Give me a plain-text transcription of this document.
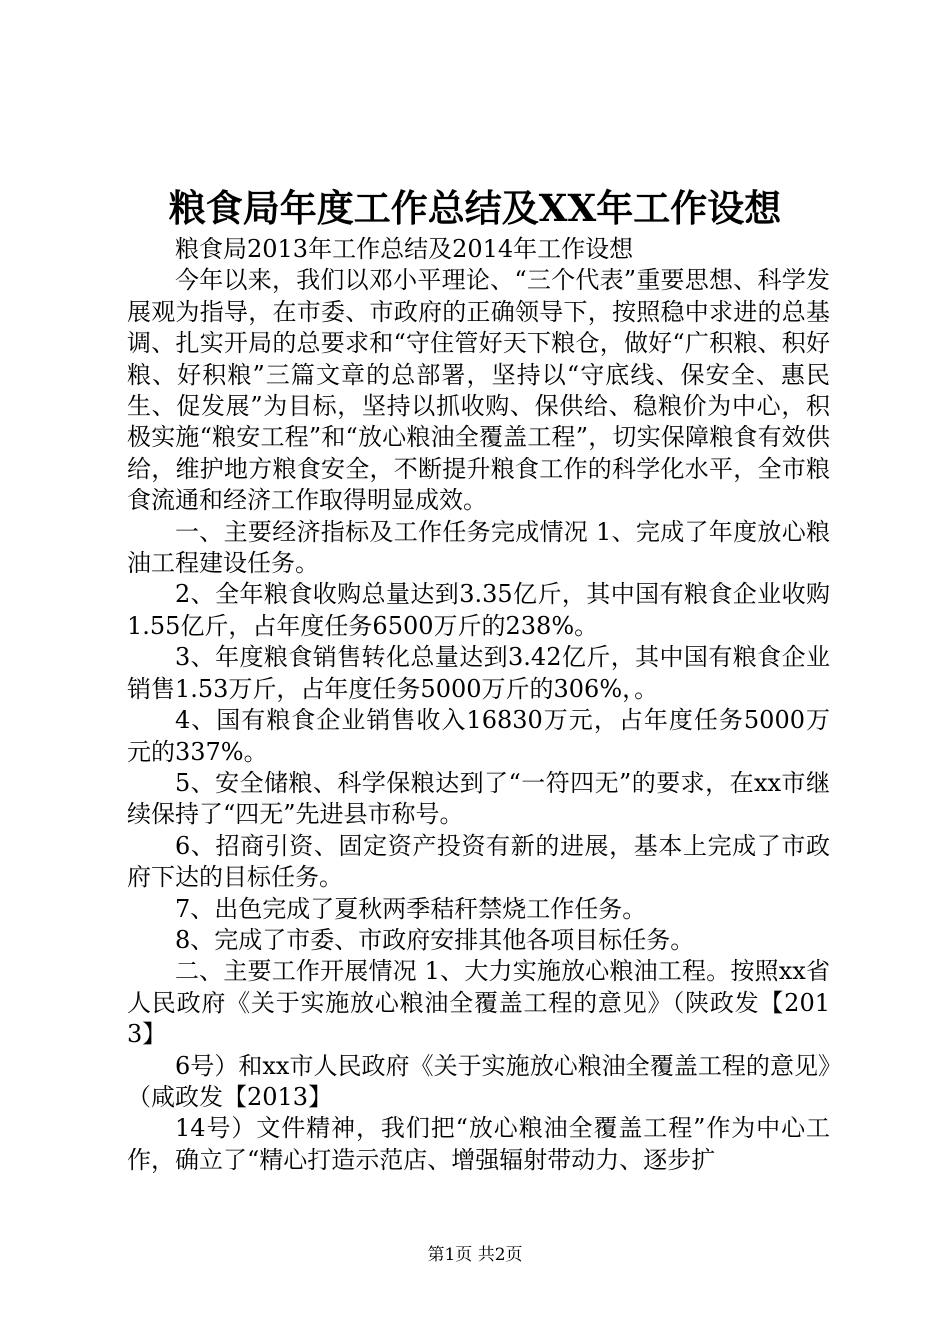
粮食局年度工作总结及XX年工作设想

粮食局2013年工作总结及2014年工作设想

今年以来，我们以邓小平理论、“三个代表”重要思想、科学发展观为指导，在市委、市政府的正确领导下，按照稳中求进的总基调、扎实开局的总要求和“守住管好天下粮仓，做好“广积粮、积好粮、好积粮”三篇文章的总部署，坚持以“守底线、保安全、惠民生、促发展”为目标，坚持以抓收购、保供给、稳粮价为中心，积极实施“粮安工程”和“放心粮油全覆盖工程”，切实保障粮食有效供给，维护地方粮食安全，不断提升粮食工作的科学化水平，全市粮食流通和经济工作取得明显成效。

一、主要经济指标及工作任务完成情况 1、完成了年度放心粮油工程建设任务。

2、全年粮食收购总量达到3.35亿斤，其中国有粮食企业收购1.55亿斤，占年度任务6500万斤的238%。

3、年度粮食销售转化总量达到3.42亿斤，其中国有粮食企业销售1.53万斤，占年度任务5000万斤的306%，。

4、国有粮食企业销售收入16830万元，占年度任务5000万元的337%。

5、安全储粮、科学保粮达到了“一符四无”的要求，在xx市继续保持了“四无”先进县市称号。

6、招商引资、固定资产投资有新的进展，基本上完成了市政府下达的目标任务。

7、出色完成了夏秋两季秸秆禁烧工作任务。

8、完成了市委、市政府安排其他各项目标任务。

二、主要工作开展情况 1、大力实施放心粮油工程。按照xx省人民政府《关于实施放心粮油全覆盖工程的意见》（陕政发【2013】

6号）和xx市人民政府《关于实施放心粮油全覆盖工程的意见》（咸政发【2013】

14号）文件精神，我们把“放心粮油全覆盖工程”作为中心工作，确立了“精心打造示范店、增强辐射带动力、逐步扩

第1页 共2页
